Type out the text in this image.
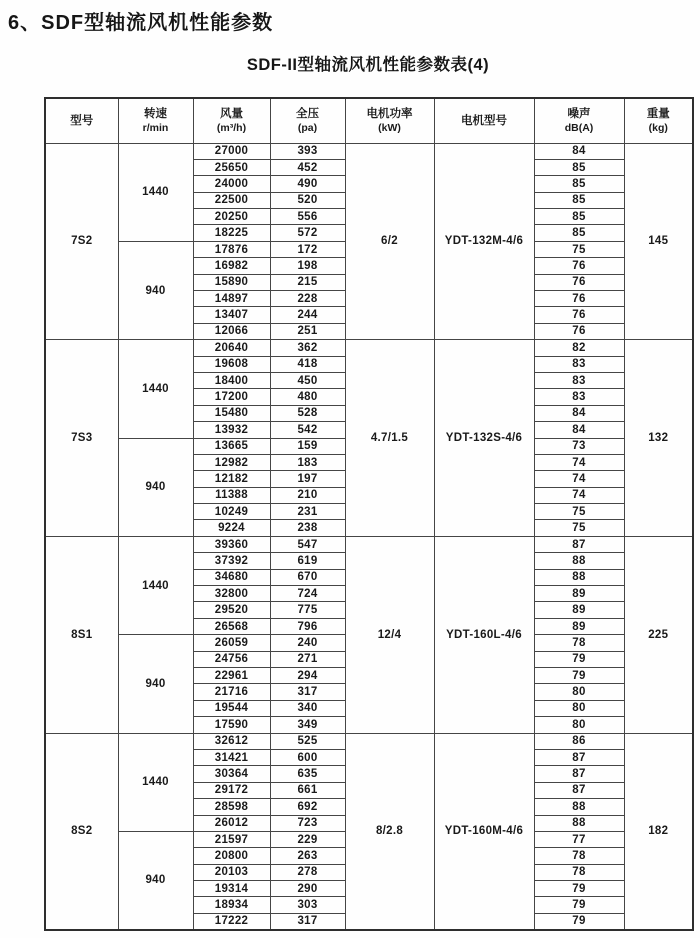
6、SDF型轴流风机性能参数
SDF-II型轴流风机性能参数表(4)
型号

转速
r/min

风量
(m³/h)

全压
(pa)

电机功率
(kW)

电机型号

噪声
dB(A)

重量
(kg)

7S2	1440	27000	393	6/2	YDT-132M-4/6	84	145
		25650	452			85	
		24000	490			85	
		22500	520			85	
		20250	556			85	
		18225	572			85	
	940	17876	172			75	
		16982	198			76	
		15890	215			76	
		14897	228			76	
		13407	244			76	
		12066	251			76	
7S3	1440	20640	362	4.7/1.5	YDT-132S-4/6	82	132
		19608	418			83	
		18400	450			83	
		17200	480			83	
		15480	528			84	
		13932	542			84	
	940	13665	159			73	
		12982	183			74	
		12182	197			74	
		11388	210			74	
		10249	231			75	
		9224	238			75	
8S1	1440	39360	547	12/4	YDT-160L-4/6	87	225
		37392	619			88	
		34680	670			88	
		32800	724			89	
		29520	775			89	
		26568	796			89	
	940	26059	240			78	
		24756	271			79	
		22961	294			79	
		21716	317			80	
		19544	340			80	
		17590	349			80	
8S2	1440	32612	525	8/2.8	YDT-160M-4/6	86	182
		31421	600			87	
		30364	635			87	
		29172	661			87	
		28598	692			88	
		26012	723			88	
	940	21597	229			77	
		20800	263			78	
		20103	278			78	
		19314	290			79	
		18934	303			79	
		17222	317			79	
